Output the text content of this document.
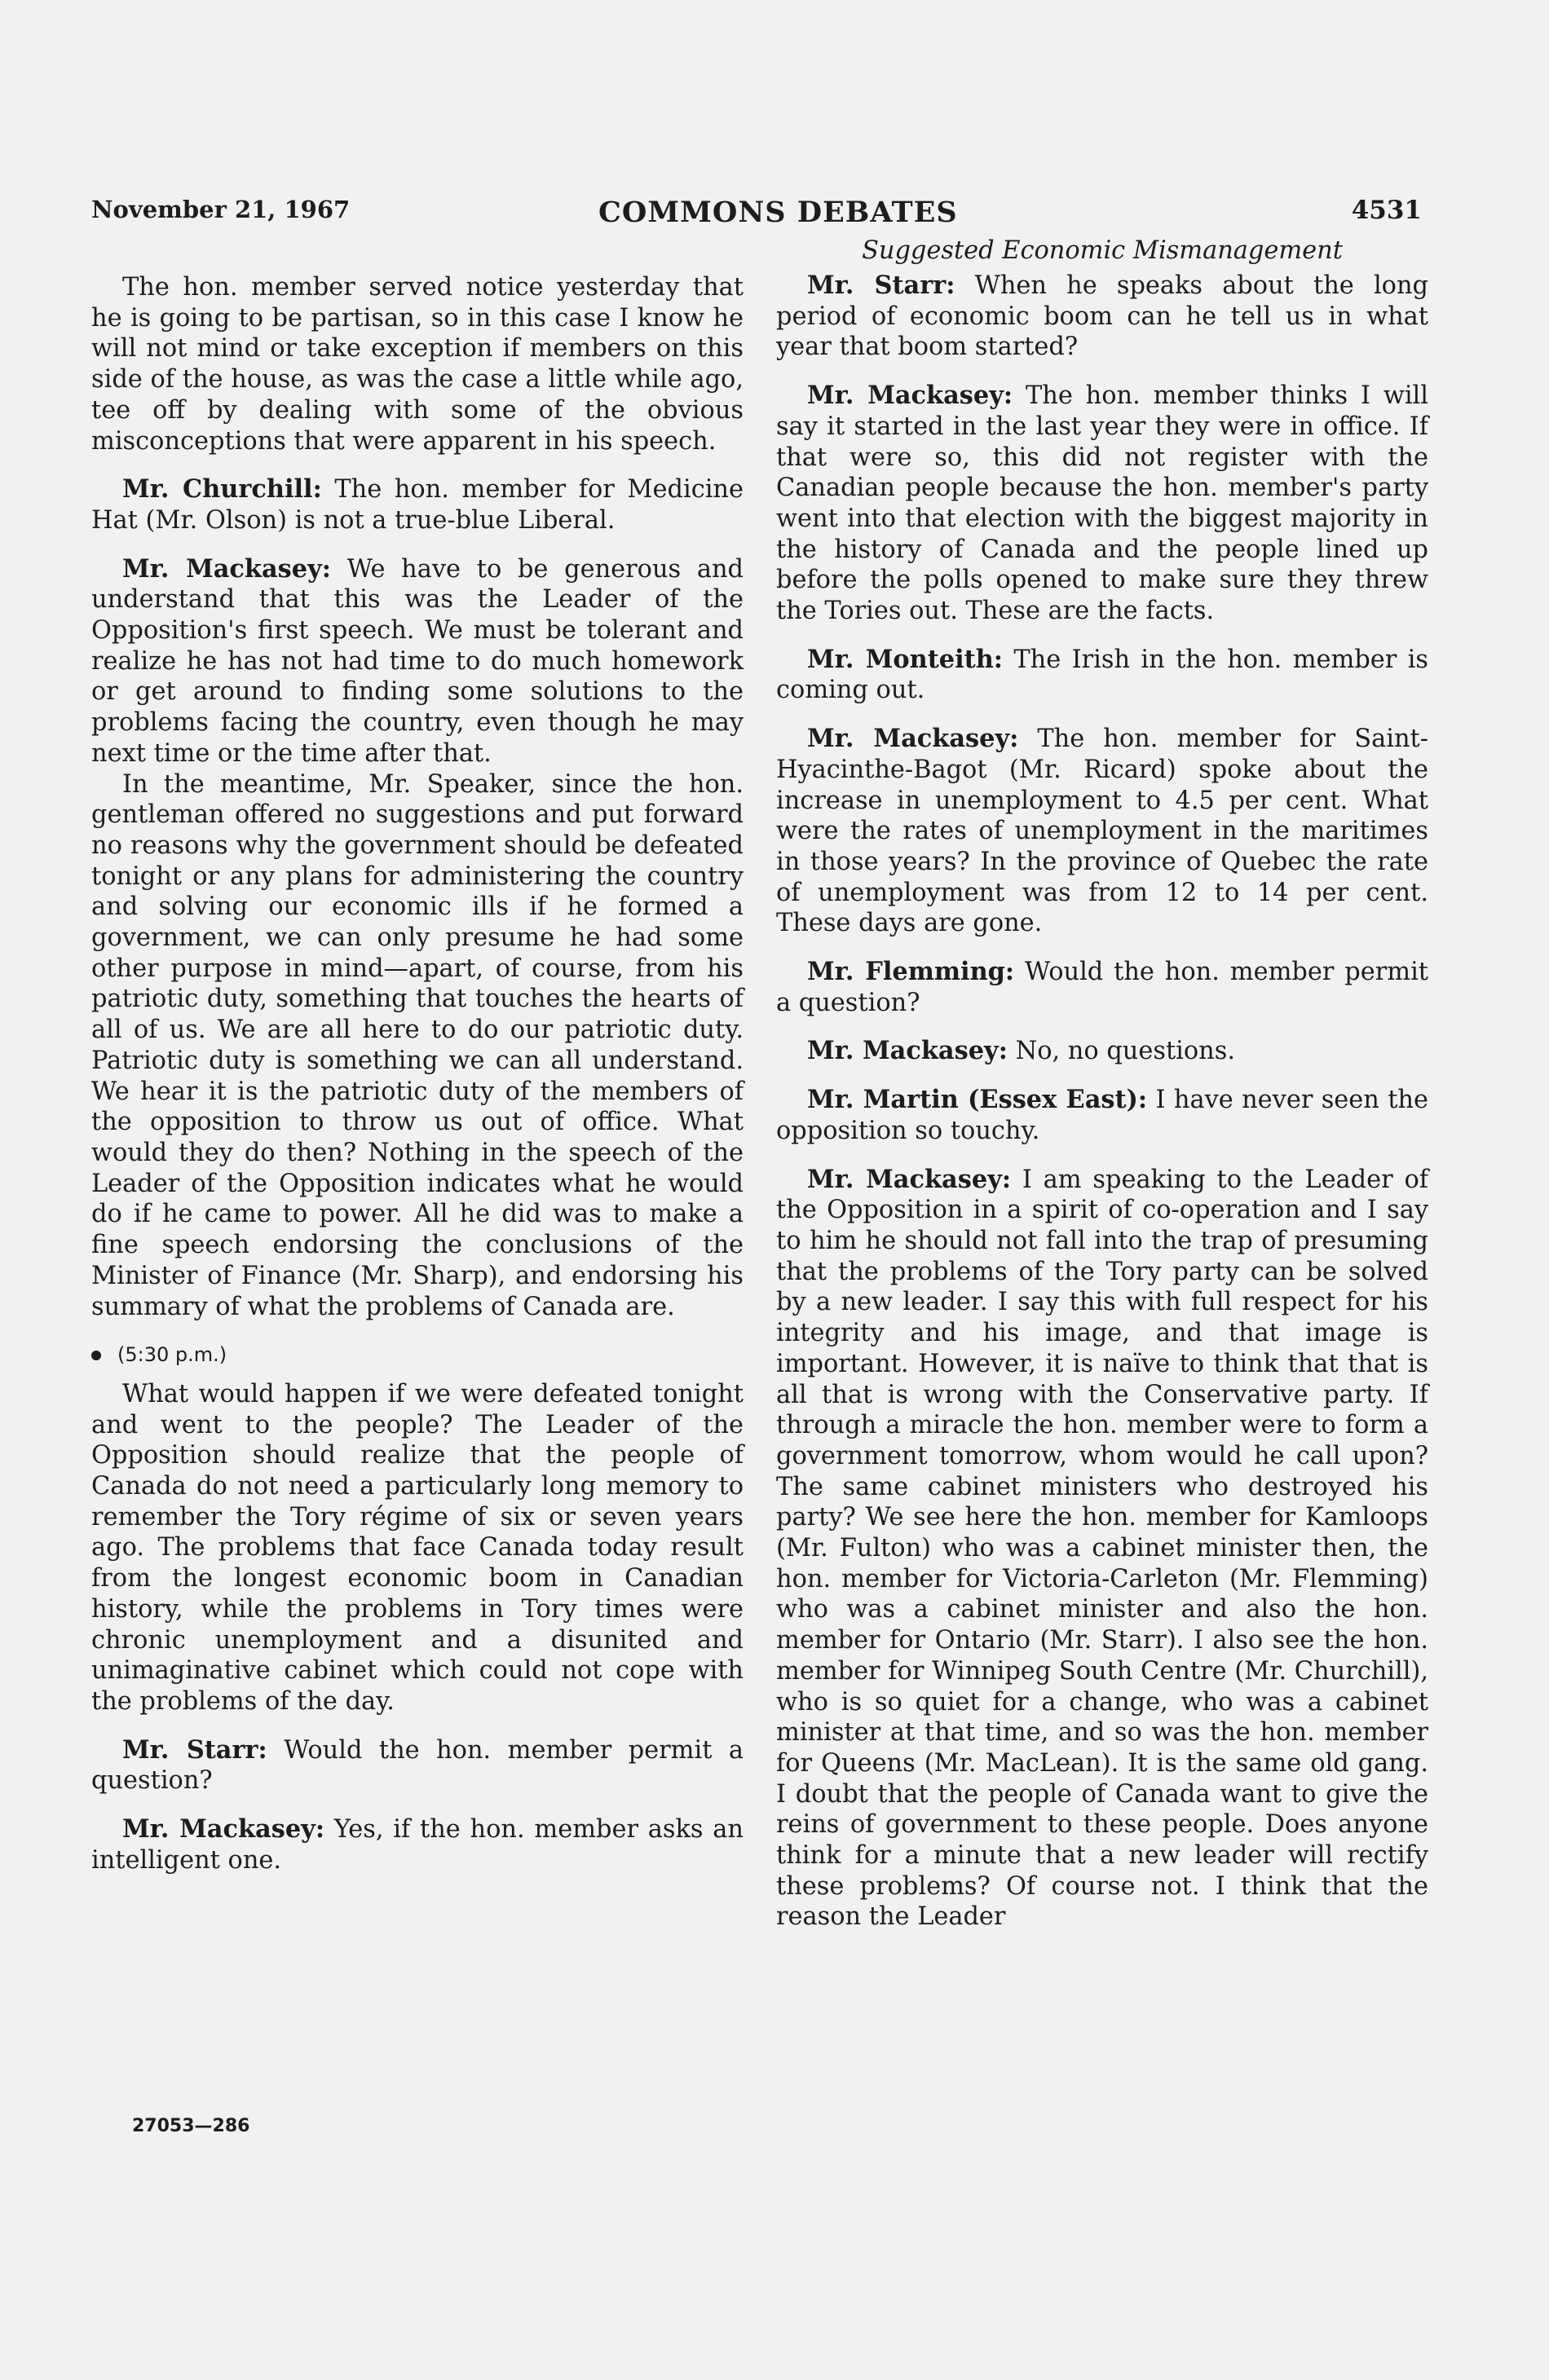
November 21, 1967	COMMONS DEBATES	4531

The hon. member served notice yesterday that he is going to be partisan, so in this case I know he will not mind or take exception if members on this side of the house, as was the case a little while ago, tee off by dealing with some of the obvious misconceptions that were apparent in his speech.

Mr. Churchill: The hon. member for Medicine Hat (Mr. Olson) is not a true-blue Liberal.

Mr. Mackasey: We have to be generous and understand that this was the Leader of the Opposition's first speech. We must be tolerant and realize he has not had time to do much homework or get around to finding some solutions to the problems facing the country, even though he may next time or the time after that.

In the meantime, Mr. Speaker, since the hon. gentleman offered no suggestions and put forward no reasons why the government should be defeated tonight or any plans for administering the country and solving our economic ills if he formed a government, we can only presume he had some other purpose in mind—apart, of course, from his patriotic duty, something that touches the hearts of all of us. We are all here to do our patriotic duty. Patriotic duty is something we can all understand. We hear it is the patriotic duty of the members of the opposition to throw us out of office. What would they do then? Nothing in the speech of the Leader of the Opposition indicates what he would do if he came to power. All he did was to make a fine speech endorsing the conclusions of the Minister of Finance (Mr. Sharp), and endorsing his summary of what the problems of Canada are.

(5:30 p.m.)

What would happen if we were defeated tonight and went to the people? The Leader of the Opposition should realize that the people of Canada do not need a particularly long memory to remember the Tory régime of six or seven years ago. The problems that face Canada today result from the longest economic boom in Canadian history, while the problems in Tory times were chronic unemployment and a disunited and unimaginative cabinet which could not cope with the problems of the day.

Mr. Starr: Would the hon. member permit a question?

Mr. Mackasey: Yes, if the hon. member asks an intelligent one.

Suggested Economic Mismanagement

Mr. Starr: When he speaks about the long period of economic boom can he tell us in what year that boom started?

Mr. Mackasey: The hon. member thinks I will say it started in the last year they were in office. If that were so, this did not register with the Canadian people because the hon. member's party went into that election with the biggest majority in the history of Canada and the people lined up before the polls opened to make sure they threw the Tories out. These are the facts.

Mr. Monteith: The Irish in the hon. member is coming out.

Mr. Mackasey: The hon. member for Saint-Hyacinthe-Bagot (Mr. Ricard) spoke about the increase in unemployment to 4.5 per cent. What were the rates of unemployment in the maritimes in those years? In the province of Quebec the rate of unemployment was from 12 to 14 per cent. These days are gone.

Mr. Flemming: Would the hon. member permit a question?

Mr. Mackasey: No, no questions.

Mr. Martin (Essex East): I have never seen the opposition so touchy.

Mr. Mackasey: I am speaking to the Leader of the Opposition in a spirit of co-operation and I say to him he should not fall into the trap of presuming that the problems of the Tory party can be solved by a new leader. I say this with full respect for his integrity and his image, and that image is important. However, it is naïve to think that that is all that is wrong with the Conservative party. If through a miracle the hon. member were to form a government tomorrow, whom would he call upon? The same cabinet ministers who destroyed his party? We see here the hon. member for Kamloops (Mr. Fulton) who was a cabinet minister then, the hon. member for Victoria-Carleton (Mr. Flemming) who was a cabinet minister and also the hon. member for Ontario (Mr. Starr). I also see the hon. member for Winnipeg South Centre (Mr. Churchill), who is so quiet for a change, who was a cabinet minister at that time, and so was the hon. member for Queens (Mr. MacLean). It is the same old gang. I doubt that the people of Canada want to give the reins of government to these people. Does anyone think for a minute that a new leader will rectify these problems? Of course not. I think that the reason the Leader

27053—286
